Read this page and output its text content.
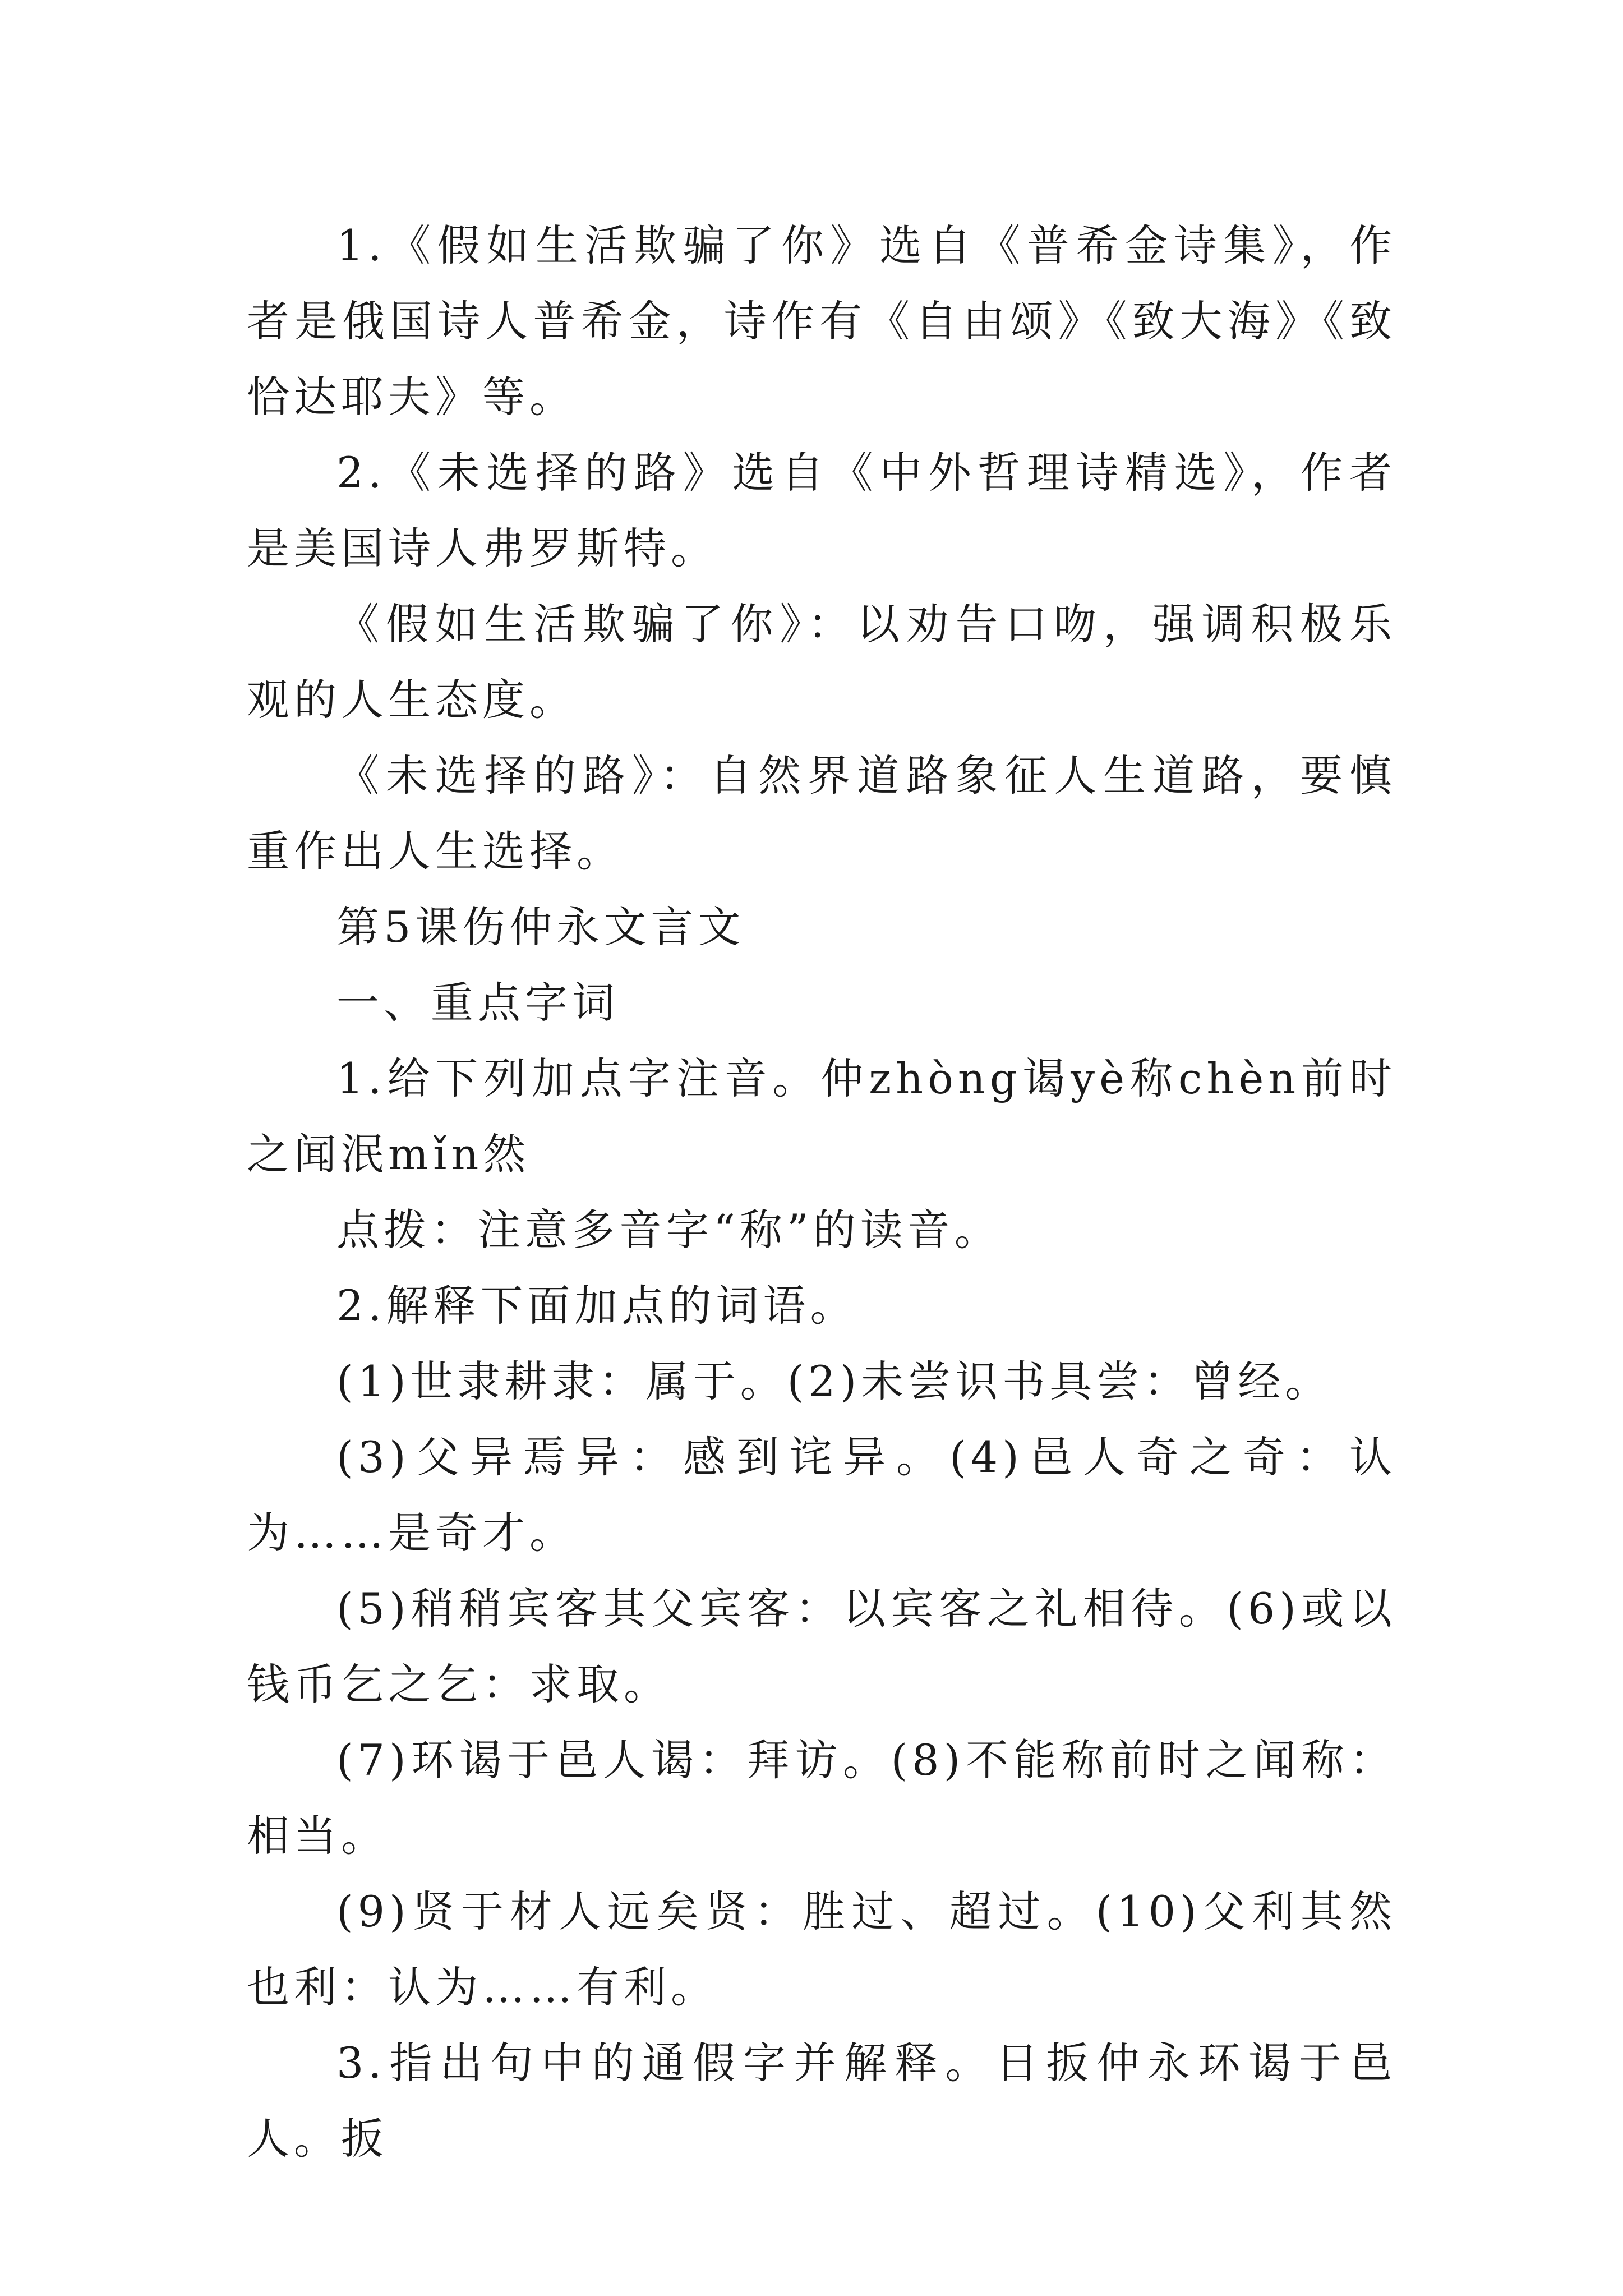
1.《假如生活欺骗了你》选自《普希金诗集》，作者是俄国诗人普希金，诗作有《自由颂》《致大海》《致恰达耶夫》等。

2.《未选择的路》选自《中外哲理诗精选》，作者是美国诗人弗罗斯特。

《假如生活欺骗了你》：以劝告口吻，强调积极乐观的人生态度。

《未选择的路》：自然界道路象征人生道路，要慎重作出人生选择。

第5课伤仲永文言文

一、重点字词

1.给下列加点字注音。仲zhòng谒yè称chèn前时之闻泯mǐn然

点拨：注意多音字“称”的读音。

2.解释下面加点的词语。

(1)世隶耕隶：属于。(2)未尝识书具尝：曾经。

(3)父异焉异：感到诧异。(4)邑人奇之奇：认为……是奇才。

(5)稍稍宾客其父宾客：以宾客之礼相待。(6)或以钱币乞之乞：求取。

(7)环谒于邑人谒：拜访。(8)不能称前时之闻称：相当。

(9)贤于材人远矣贤：胜过、超过。(10)父利其然也利：认为……有利。

3.指出句中的通假字并解释。日扳仲永环谒于邑人。扳
